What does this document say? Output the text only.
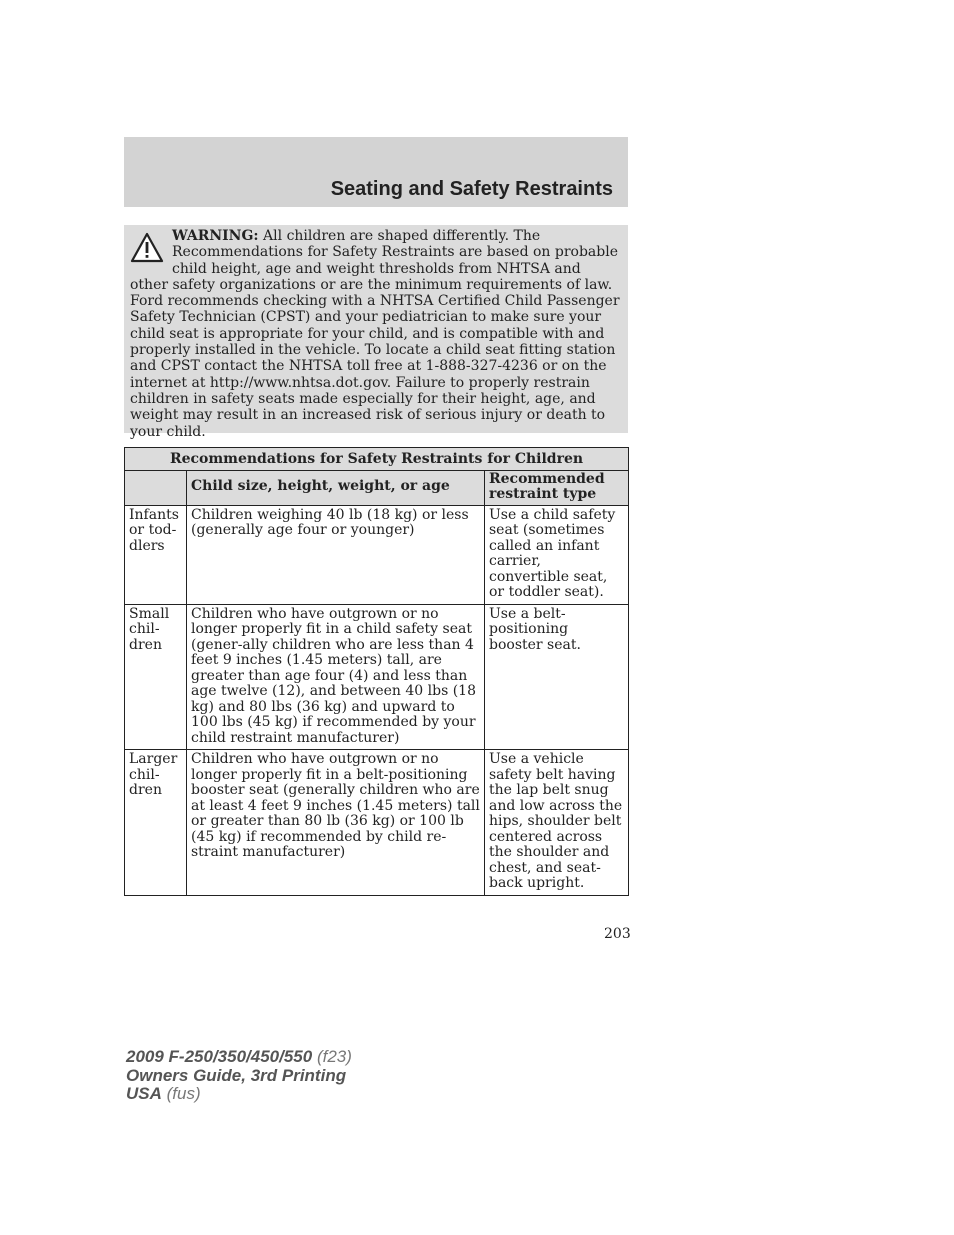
Seating and Safety Restraints
WARNING: All children are shaped differently. The Recommendations for Safety Restraints are based on probable child height, age and weight thresholds from NHTSA and other safety organizations or are the minimum requirements of law. Ford recommends checking with a NHTSA Certified Child Passenger Safety Technician (CPST) and your pediatrician to make sure your child seat is appropriate for your child, and is compatible with and properly installed in the vehicle. To locate a child seat fitting station and CPST contact the NHTSA toll free at 1-888-327-4236 or on the internet at http://www.nhtsa.dot.gov. Failure to properly restrain children in safety seats made especially for their height, age, and weight may result in an increased risk of serious injury or death to your child.
Recommendations for Safety Restraints for Children		
	Child size, height, weight, or age	Recommended restraint type
Infants or tod-dlers	Children weighing 40 lb (18 kg) or less (generally age four or younger)	Use a child safety seat (sometimes called an infant carrier, convertible seat, or toddler seat).
Small chil-dren	Children who have outgrown or no longer properly fit in a child safety seat (gener-ally children who are less than 4 feet 9 inches (1.45 meters) tall, are greater than age four (4) and less than age twelve (12), and between 40 lbs (18 kg) and 80 lbs (36 kg) and upward to 100 lbs (45 kg) if recommended by your child restraint manufacturer)	Use a belt-positioning booster seat.
Larger chil-dren	Children who have outgrown or no longer properly fit in a belt-positioning booster seat (generally children who are at least 4 feet 9 inches (1.45 meters) tall or greater than 80 lb (36 kg) or 100 lb (45 kg) if recommended by child re-straint manufacturer)	Use a vehicle safety belt having the lap belt snug and low across the hips, shoulder belt centered across the shoulder and chest, and seat-back upright.
203
2009 F-250/350/450/550 (f23)
Owners Guide, 3rd Printing
USA (fus)
